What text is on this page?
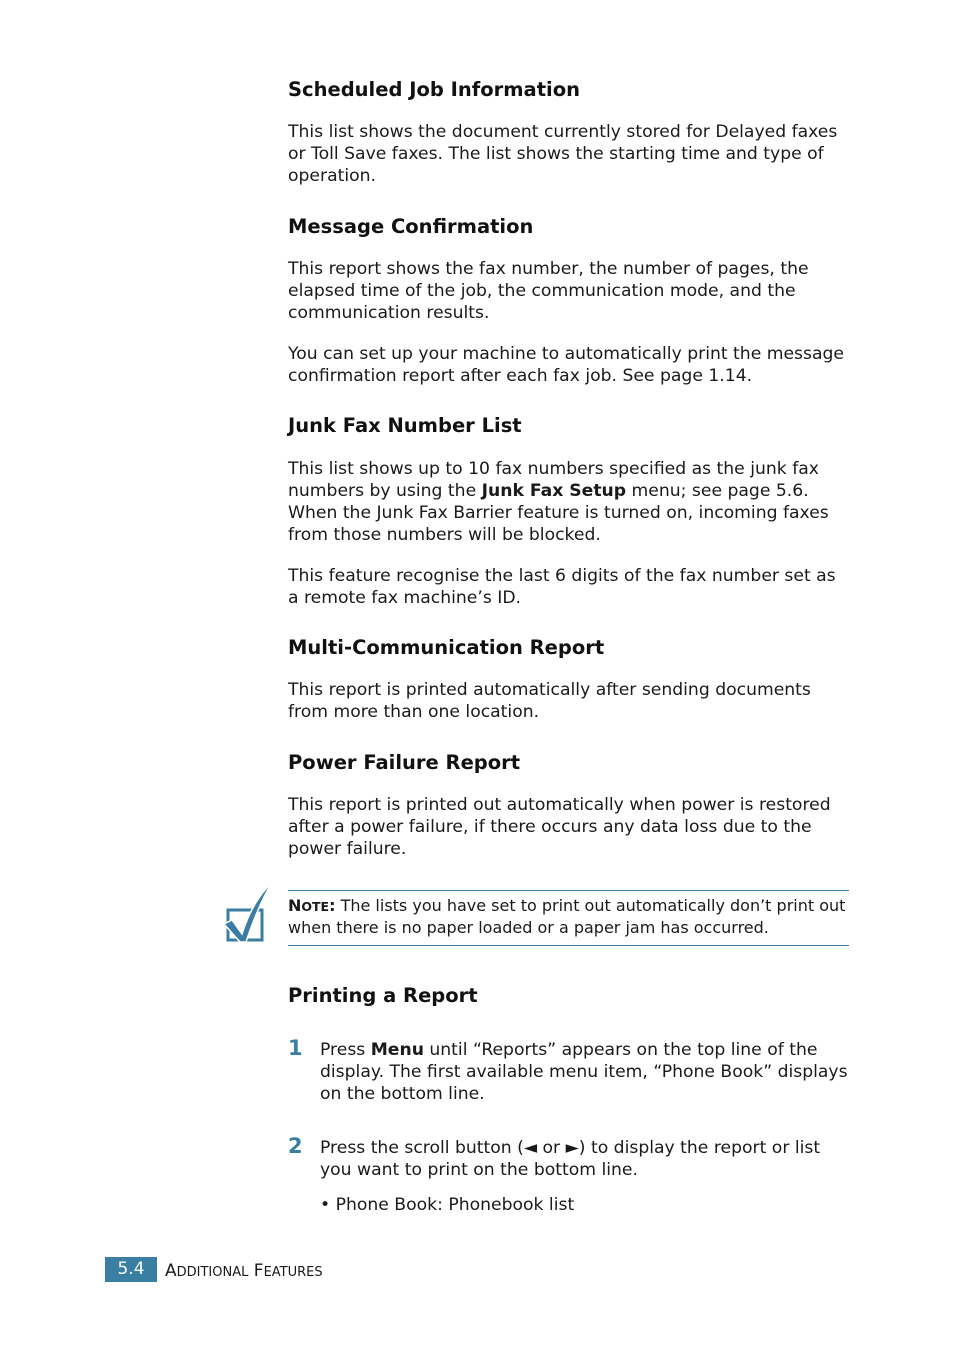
Scheduled Job Information

This list shows the document currently stored for Delayed faxes or Toll Save faxes. The list shows the starting time and type of operation.

Message Confirmation

This report shows the fax number, the number of pages, the elapsed time of the job, the communication mode, and the communication results.

You can set up your machine to automatically print the message confirmation report after each fax job. See page 1.14.

Junk Fax Number List

This list shows up to 10 fax numbers specified as the junk fax numbers by using the Junk Fax Setup menu; see page 5.6. When the Junk Fax Barrier feature is turned on, incoming faxes from those numbers will be blocked.

This feature recognise the last 6 digits of the fax number set as a remote fax machine’s ID.

Multi-Communication Report

This report is printed automatically after sending documents from more than one location.

Power Failure Report

This report is printed out automatically when power is restored after a power failure, if there occurs any data loss due to the power failure.

NOTE: The lists you have set to print out automatically don’t print out when there is no paper loaded or a paper jam has occurred.
Printing a Report
1 Press Menu until “Reports” appears on the top line of the display. The first available menu item, “Phone Book” displays on the bottom line.

2 Press the scroll button (◄ or ►) to display the report or list you want to print on the bottom line.

• Phone Book: Phonebook list

5.4	ADDITIONAL FEATURES
